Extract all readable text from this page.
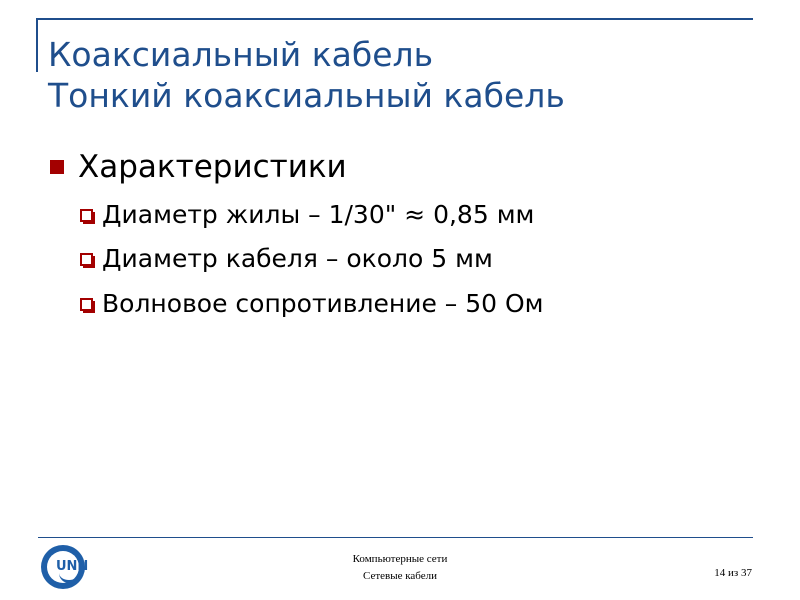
Коаксиальный кабель
Тонкий коаксиальный кабель
Характеристики
Диаметр жилы – 1/30" ≈ 0,85 мм
Диаметр кабеля – около 5 мм
Волновое сопротивление – 50 Ом
UNN	Компьютерные сети
Сетевые кабели	14 из 37
